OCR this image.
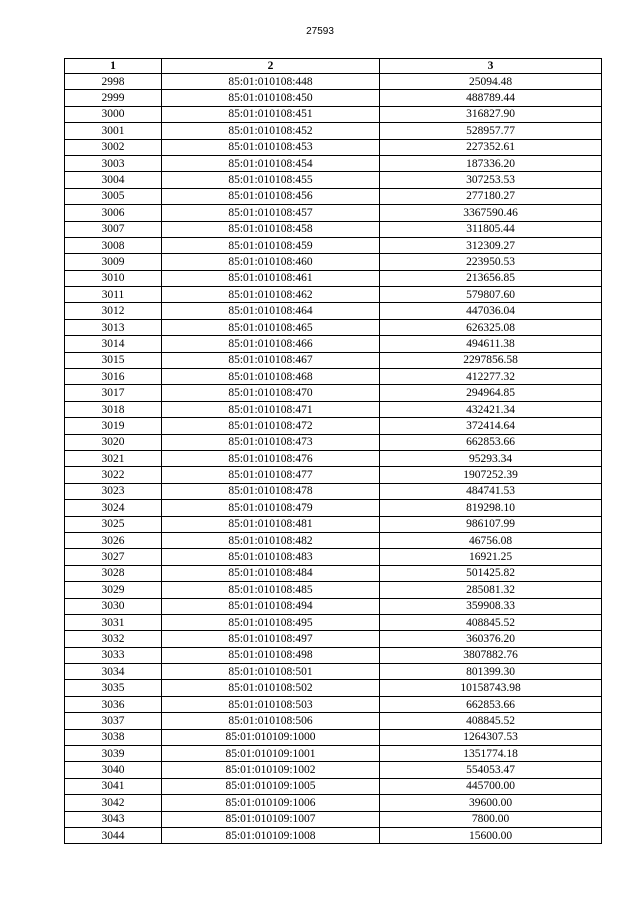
27593
1	2	3
2998	85:01:010108:448	25094.48
2999	85:01:010108:450	488789.44
3000	85:01:010108:451	316827.90
3001	85:01:010108:452	528957.77
3002	85:01:010108:453	227352.61
3003	85:01:010108:454	187336.20
3004	85:01:010108:455	307253.53
3005	85:01:010108:456	277180.27
3006	85:01:010108:457	3367590.46
3007	85:01:010108:458	311805.44
3008	85:01:010108:459	312309.27
3009	85:01:010108:460	223950.53
3010	85:01:010108:461	213656.85
3011	85:01:010108:462	579807.60
3012	85:01:010108:464	447036.04
3013	85:01:010108:465	626325.08
3014	85:01:010108:466	494611.38
3015	85:01:010108:467	2297856.58
3016	85:01:010108:468	412277.32
3017	85:01:010108:470	294964.85
3018	85:01:010108:471	432421.34
3019	85:01:010108:472	372414.64
3020	85:01:010108:473	662853.66
3021	85:01:010108:476	95293.34
3022	85:01:010108:477	1907252.39
3023	85:01:010108:478	484741.53
3024	85:01:010108:479	819298.10
3025	85:01:010108:481	986107.99
3026	85:01:010108:482	46756.08
3027	85:01:010108:483	16921.25
3028	85:01:010108:484	501425.82
3029	85:01:010108:485	285081.32
3030	85:01:010108:494	359908.33
3031	85:01:010108:495	408845.52
3032	85:01:010108:497	360376.20
3033	85:01:010108:498	3807882.76
3034	85:01:010108:501	801399.30
3035	85:01:010108:502	10158743.98
3036	85:01:010108:503	662853.66
3037	85:01:010108:506	408845.52
3038	85:01:010109:1000	1264307.53
3039	85:01:010109:1001	1351774.18
3040	85:01:010109:1002	554053.47
3041	85:01:010109:1005	445700.00
3042	85:01:010109:1006	39600.00
3043	85:01:010109:1007	7800.00
3044	85:01:010109:1008	15600.00
